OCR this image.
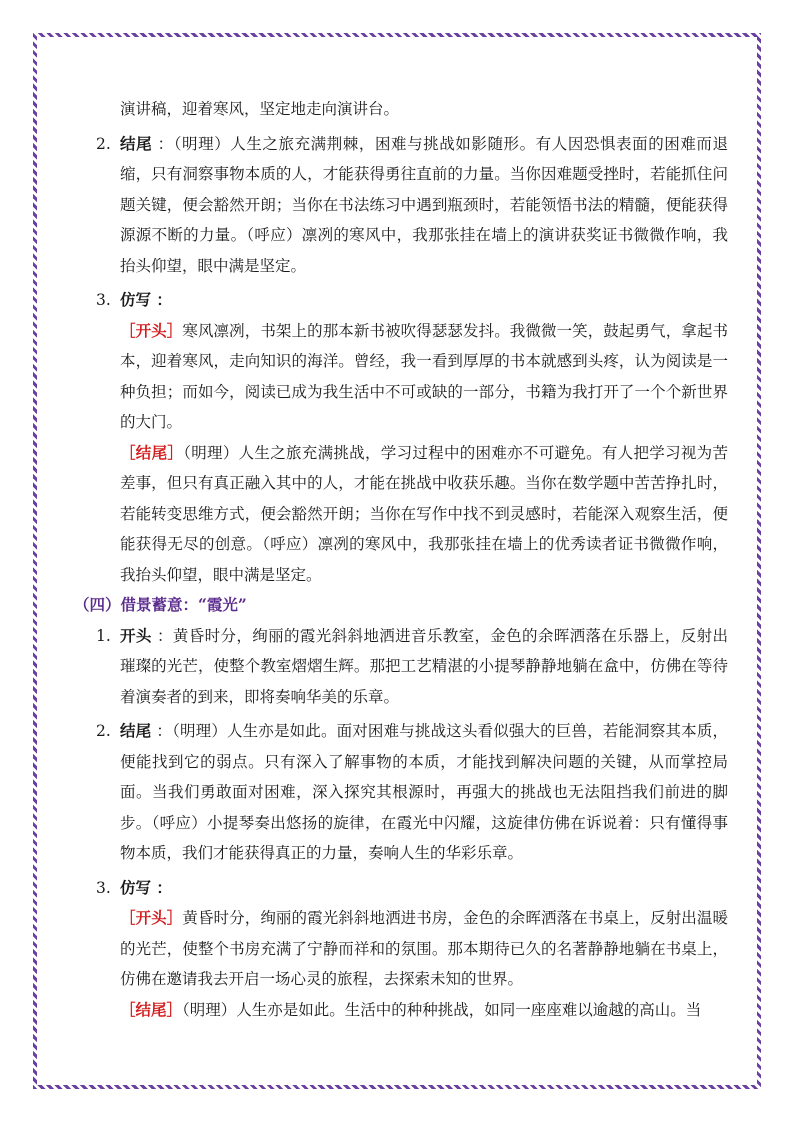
演讲稿，迎着寒风，坚定地走向演讲台。

2. 结尾 ：（明理）人生之旅充满荆棘，困难与挑战如影随形。有人因恐惧表面的困难而退缩，只有洞察事物本质的人，才能获得勇往直前的力量。当你因难题受挫时，若能抓住问题关键，便会豁然开朗；当你在书法练习中遇到瓶颈时，若能领悟书法的精髓，便能获得源源不断的力量。（呼应）凛冽的寒风中，我那张挂在墙上的演讲获奖证书微微作响，我抬头仰望，眼中满是坚定。

3. 仿写 ：

［开头］寒风凛冽，书架上的那本新书被吹得瑟瑟发抖。我微微一笑，鼓起勇气，拿起书本，迎着寒风，走向知识的海洋。曾经，我一看到厚厚的书本就感到头疼，认为阅读是一种负担；而如今，阅读已成为我生活中不可或缺的一部分，书籍为我打开了一个个新世界的大门。

［结尾］（明理）人生之旅充满挑战，学习过程中的困难亦不可避免。有人把学习视为苦差事，但只有真正融入其中的人，才能在挑战中收获乐趣。当你在数学题中苦苦挣扎时，若能转变思维方式，便会豁然开朗；当你在写作中找不到灵感时，若能深入观察生活，便能获得无尽的创意。（呼应）凛冽的寒风中，我那张挂在墙上的优秀读者证书微微作响，我抬头仰望，眼中满是坚定。

（四）借景蓄意：“霞光”

1. 开头 ：黄昏时分，绚丽的霞光斜斜地洒进音乐教室，金色的余晖洒落在乐器上，反射出璀璨的光芒，使整个教室熠熠生辉。那把工艺精湛的小提琴静静地躺在盒中，仿佛在等待着演奏者的到来，即将奏响华美的乐章。

2. 结尾 ：（明理）人生亦是如此。面对困难与挑战这头看似强大的巨兽，若能洞察其本质，便能找到它的弱点。只有深入了解事物的本质，才能找到解决问题的关键，从而掌控局面。当我们勇敢面对困难，深入探究其根源时，再强大的挑战也无法阻挡我们前进的脚步。（呼应）小提琴奏出悠扬的旋律，在霞光中闪耀，这旋律仿佛在诉说着：只有懂得事物本质，我们才能获得真正的力量，奏响人生的华彩乐章。

3. 仿写 ：

［开头］黄昏时分，绚丽的霞光斜斜地洒进书房，金色的余晖洒落在书桌上，反射出温暖的光芒，使整个书房充满了宁静而祥和的氛围。那本期待已久的名著静静地躺在书桌上，仿佛在邀请我去开启一场心灵的旅程，去探索未知的世界。

［结尾］（明理）人生亦是如此。生活中的种种挑战，如同一座座难以逾越的高山。当
